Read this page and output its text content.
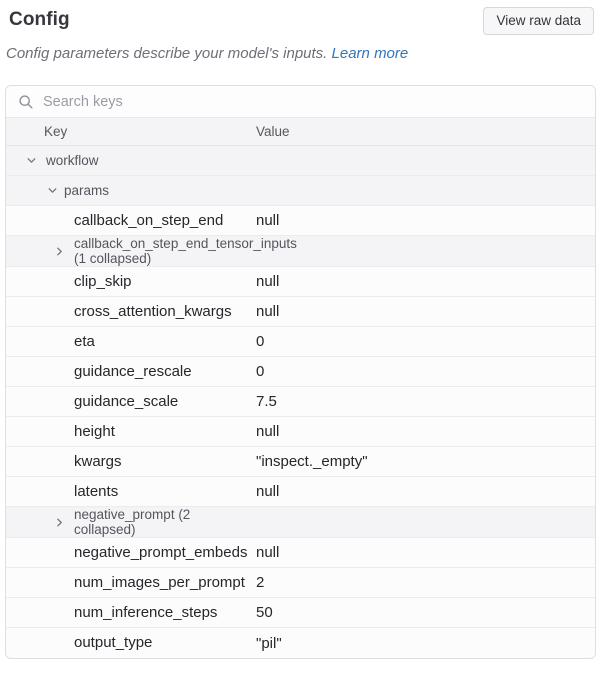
Config	View raw data
Config parameters describe your model's inputs. Learn more
Search keys
Key	Value
workflow
params
callback_on_step_end null
callback_on_step_end_tensor_inputs (1 collapsed)
clip_skip	null
cross_attention_kwargs null
eta	0
guidance_rescale	0
guidance_scale	7.5
height	null
kwargs	"inspect._empty"
latents	null
negative_prompt (2 collapsed)
negative_prompt_embeds null
num_images_per_prompt 2
num_inference_steps	50
output_type	"pil"
